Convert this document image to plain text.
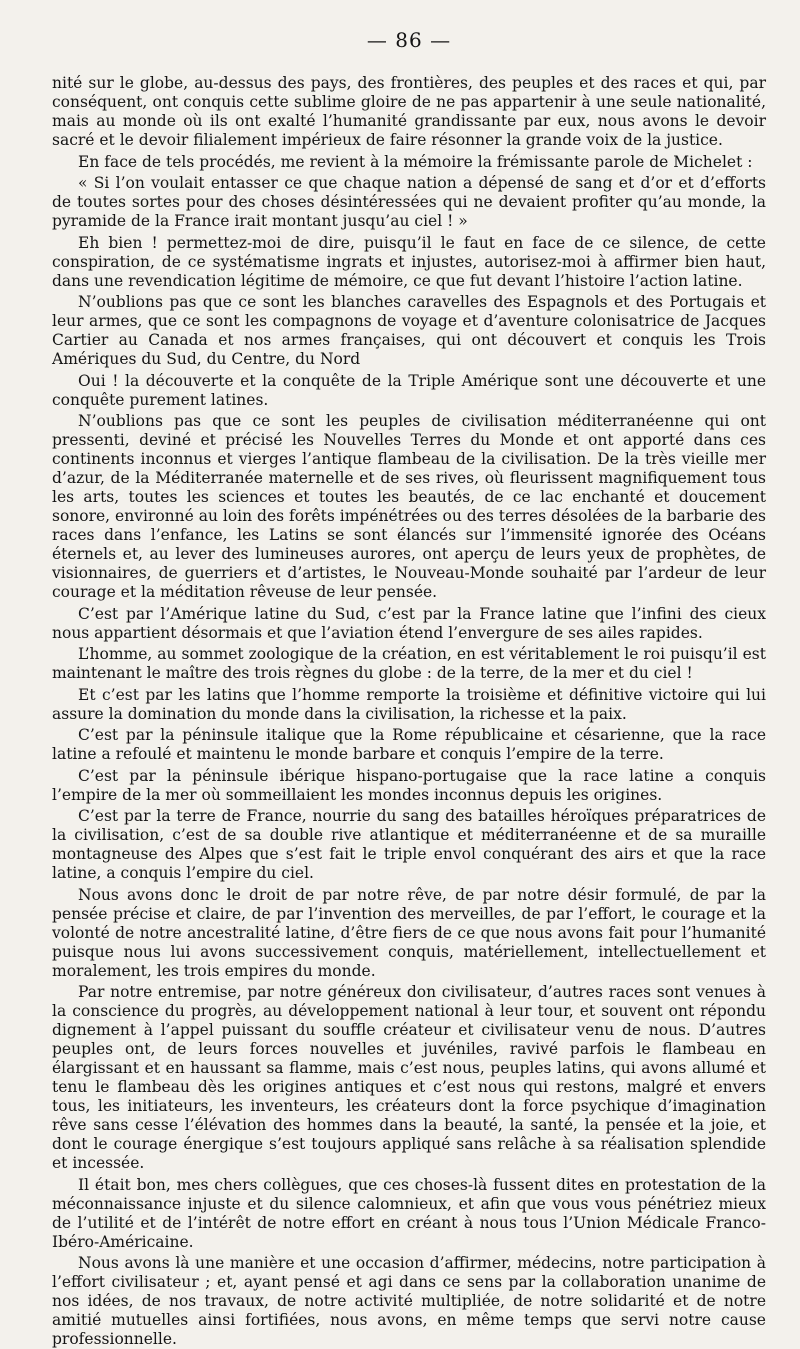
— 86 —

nité sur le globe, au-dessus des pays, des frontières, des peuples et des races et qui, par conséquent, ont conquis cette sublime gloire de ne pas appartenir à une seule nationalité, mais au monde où ils ont exalté l’humanité grandissante par eux, nous avons le devoir sacré et le devoir filialement impérieux de faire résonner la grande voix de la justice.

En face de tels procédés, me revient à la mémoire la frémissante parole de Michelet :

« Si l’on voulait entasser ce que chaque nation a dépensé de sang et d’or et d’efforts de toutes sortes pour des choses désintéressées qui ne devaient profiter qu’au monde, la pyramide de la France irait montant jusqu’au ciel ! »

Eh bien ! permettez-moi de dire, puisqu’il le faut en face de ce silence, de cette conspiration, de ce systématisme ingrats et injustes, autorisez-moi à affirmer bien haut, dans une revendication légitime de mémoire, ce que fut devant l’histoire l’action latine.

N’oublions pas que ce sont les blanches caravelles des Espagnols et des Portugais et leur armes, que ce sont les compagnons de voyage et d’aventure colonisatrice de Jacques Cartier au Canada et nos armes françaises, qui ont découvert et conquis les Trois Amériques du Sud, du Centre, du Nord

Oui ! la découverte et la conquête de la Triple Amérique sont une découverte et une conquête purement latines.

N’oublions pas que ce sont les peuples de civilisation méditerranéenne qui ont pressenti, deviné et précisé les Nouvelles Terres du Monde et ont apporté dans ces continents inconnus et vierges l’antique flambeau de la civilisation. De la très vieille mer d’azur, de la Méditerranée maternelle et de ses rives, où fleurissent magnifiquement tous les arts, toutes les sciences et toutes les beautés, de ce lac enchanté et doucement sonore, environné au loin des forêts impénétrées ou des terres désolées de la barbarie des races dans l’enfance, les Latins se sont élancés sur l’immensité ignorée des Océans éternels et, au lever des lumineuses aurores, ont aperçu de leurs yeux de prophètes, de visionnaires, de guerriers et d’artistes, le Nouveau-Monde souhaité par l’ardeur de leur courage et la méditation rêveuse de leur pensée.

C’est par l’Amérique latine du Sud, c’est par la France latine que l’infini des cieux nous appartient désormais et que l’aviation étend l’envergure de ses ailes rapides.

L’homme, au sommet zoologique de la création, en est véritablement le roi puisqu’il est maintenant le maître des trois règnes du globe : de la terre, de la mer et du ciel !

Et c’est par les latins que l’homme remporte la troisième et définitive victoire qui lui assure la domination du monde dans la civilisation, la richesse et la paix.

C’est par la péninsule italique que la Rome républicaine et césarienne, que la race latine a refoulé et maintenu le monde barbare et conquis l’empire de la terre.

C’est par la péninsule ibérique hispano-portugaise que la race latine a conquis l’empire de la mer où sommeillaient les mondes inconnus depuis les origines.

C’est par la terre de France, nourrie du sang des batailles héroïques préparatrices de la civilisation, c’est de sa double rive atlantique et méditerranéenne et de sa muraille montagneuse des Alpes que s’est fait le triple envol conquérant des airs et que la race latine, a conquis l’empire du ciel.

Nous avons donc le droit de par notre rêve, de par notre désir formulé, de par la pensée précise et claire, de par l’invention des merveilles, de par l’effort, le courage et la volonté de notre ancestralité latine, d’être fiers de ce que nous avons fait pour l’humanité puisque nous lui avons successivement conquis, matériellement, intellectuellement et moralement, les trois empires du monde.

Par notre entremise, par notre généreux don civilisateur, d’autres races sont venues à la conscience du progrès, au développement national à leur tour, et souvent ont répondu dignement à l’appel puissant du souffle créateur et civilisateur venu de nous. D’autres peuples ont, de leurs forces nouvelles et juvéniles, ravivé parfois le flambeau en élargissant et en haussant sa flamme, mais c’est nous, peuples latins, qui avons allumé et tenu le flambeau dès les origines antiques et c’est nous qui restons, malgré et envers tous, les initiateurs, les inventeurs, les créateurs dont la force psychique d’imagination rêve sans cesse l’élévation des hommes dans la beauté, la santé, la pensée et la joie, et dont le courage énergique s’est toujours appliqué sans relâche à sa réalisation splendide et incessée.

Il était bon, mes chers collègues, que ces choses-là fussent dites en protestation de la méconnaissance injuste et du silence calomnieux, et afin que vous vous pénétriez mieux de l’utilité et de l’intérêt de notre effort en créant à nous tous l’Union Médicale Franco-Ibéro-Américaine.

Nous avons là une manière et une occasion d’affirmer, médecins, notre participation à l’effort civilisateur ; et, ayant pensé et agi dans ce sens par la collaboration unanime de nos idées, de nos travaux, de notre activité multipliée, de notre solidarité et de notre amitié mutuelles ainsi fortifiées, nous avons, en même temps que servi notre cause professionnelle.
